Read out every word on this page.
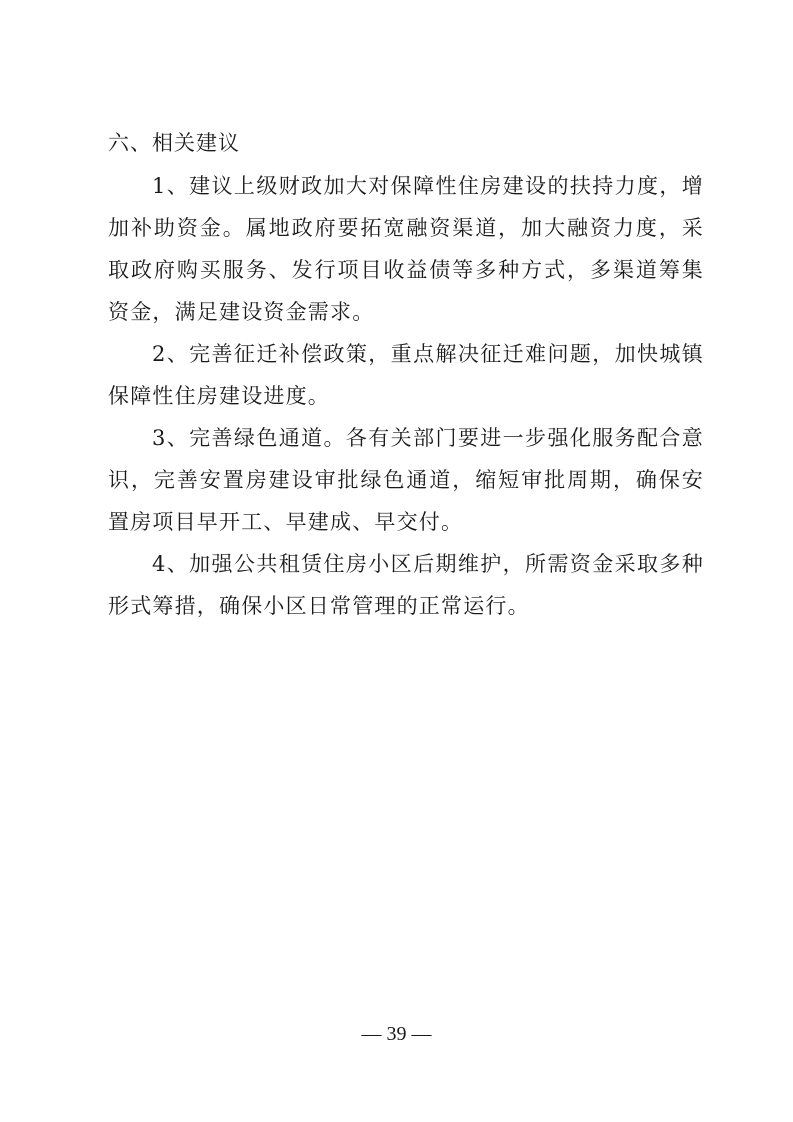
六、相关建议

1、建议上级财政加大对保障性住房建设的扶持力度，增加补助资金。属地政府要拓宽融资渠道，加大融资力度，采取政府购买服务、发行项目收益债等多种方式，多渠道筹集资金，满足建设资金需求。

2、完善征迁补偿政策，重点解决征迁难问题，加快城镇保障性住房建设进度。

3、完善绿色通道。各有关部门要进一步强化服务配合意识，完善安置房建设审批绿色通道，缩短审批周期，确保安置房项目早开工、早建成、早交付。

4、加强公共租赁住房小区后期维护，所需资金采取多种形式筹措，确保小区日常管理的正常运行。

— 39 —
